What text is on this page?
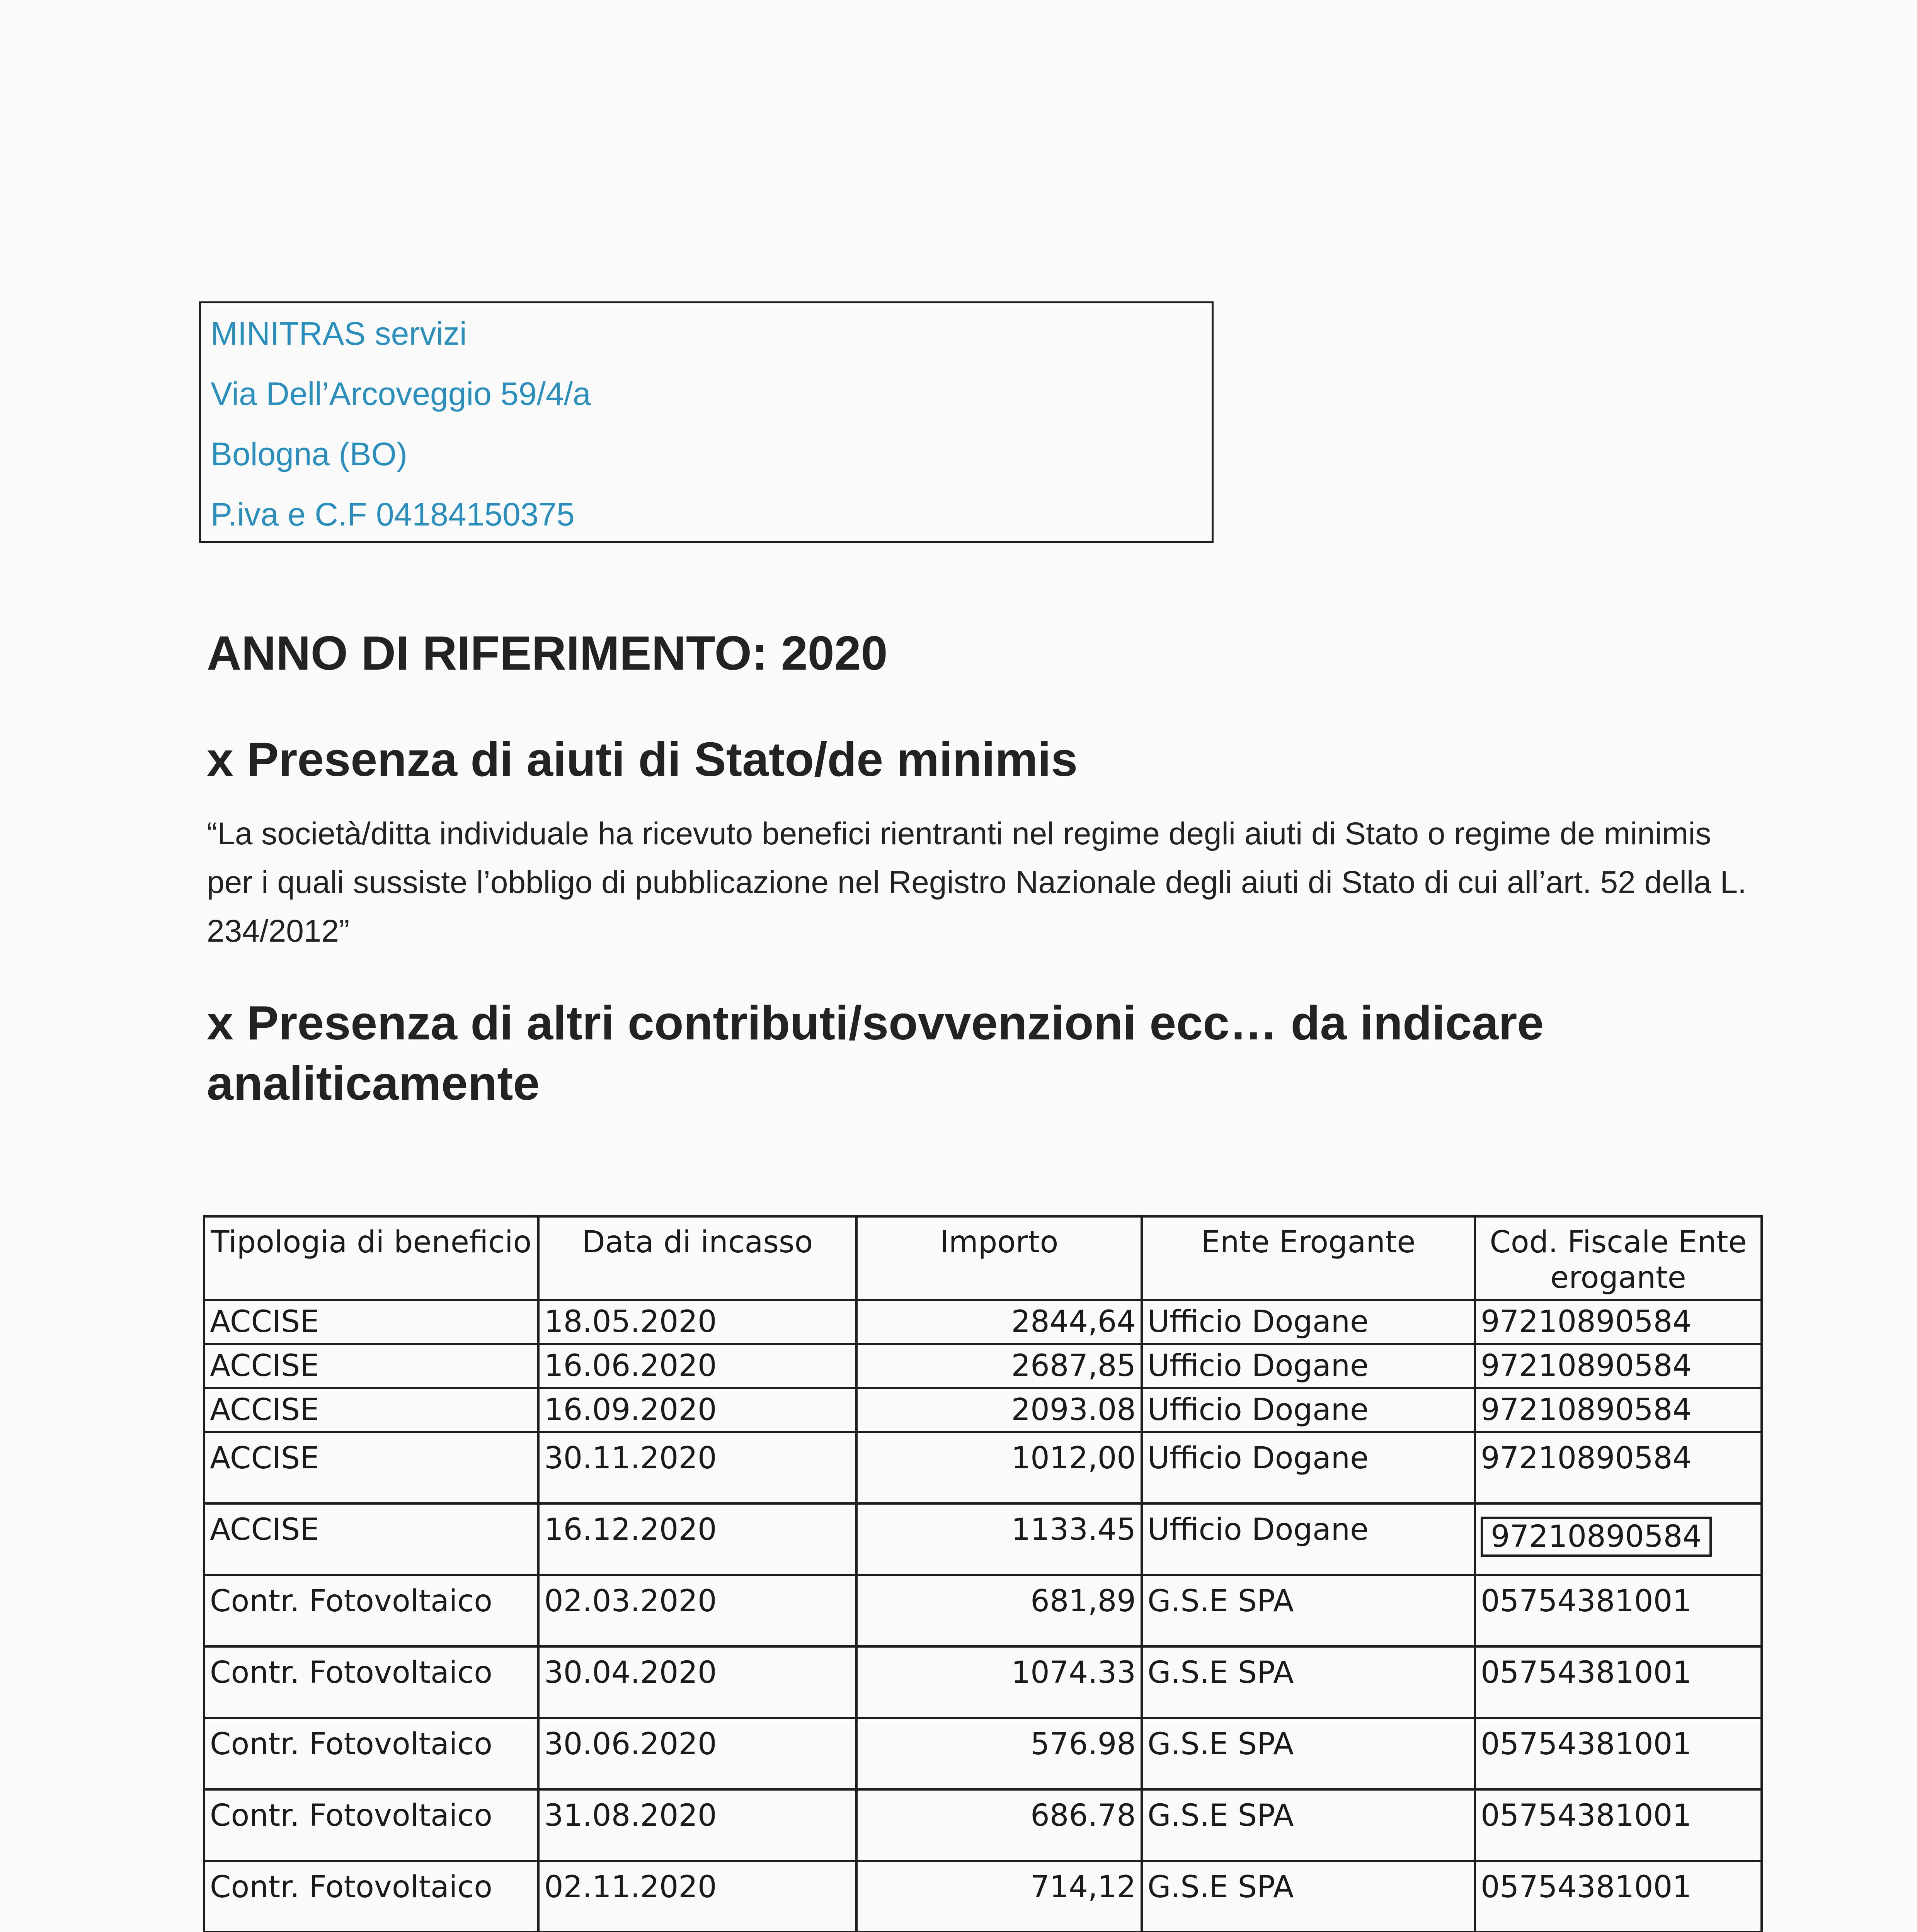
MINITRAS servizi
Via Dell’Arcoveggio 59/4/a
Bologna (BO)
P.iva e C.F 04184150375
ANNO DI RIFERIMENTO: 2020
x Presenza di aiuti di Stato/de minimis
“La società/ditta individuale ha ricevuto benefici rientranti nel regime degli aiuti di Stato o regime de minimis per i quali sussiste l’obbligo di pubblicazione nel Registro Nazionale degli aiuti di Stato di cui all’art. 52 della L. 234/2012”
x Presenza di altri contributi/sovvenzioni ecc… da indicare analiticamente
Tipologia di beneficio	Data di incasso	Importo	Ente Erogante	Cod. Fiscale Ente erogante
ACCISE	18.05.2020	2844,64	Ufficio Dogane	97210890584
ACCISE	16.06.2020	2687,85	Ufficio Dogane	97210890584
ACCISE	16.09.2020	2093.08	Ufficio Dogane	97210890584
ACCISE	30.11.2020	1012,00	Ufficio Dogane	97210890584
ACCISE	16.12.2020	1133.45	Ufficio Dogane	97210890584
Contr. Fotovoltaico	02.03.2020	681,89	G.S.E SPA	05754381001
Contr. Fotovoltaico	30.04.2020	1074.33	G.S.E SPA	05754381001
Contr. Fotovoltaico	30.06.2020	576.98	G.S.E SPA	05754381001
Contr. Fotovoltaico	31.08.2020	686.78	G.S.E SPA	05754381001
Contr. Fotovoltaico	02.11.2020	714,12	G.S.E SPA	05754381001
